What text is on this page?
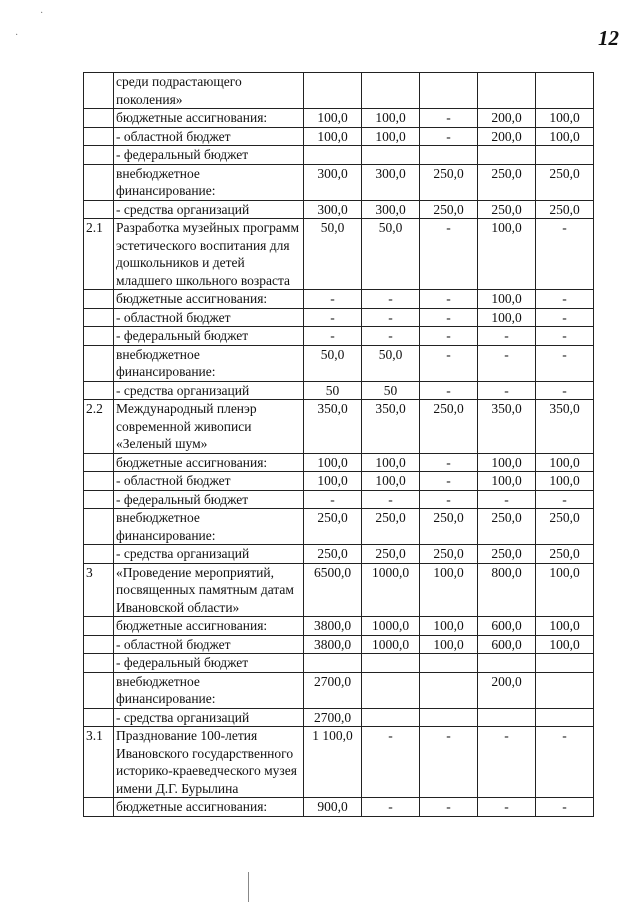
12
·
·
	среди подрастающего поколения»					
	бюджетные ассигнования:	100,0	100,0	-	200,0	100,0
	- областной бюджет	100,0	100,0	-	200,0	100,0
	- федеральный бюджет					
	внебюджетное финансирование:	300,0	300,0	250,0	250,0	250,0
	- средства организаций	300,0	300,0	250,0	250,0	250,0
2.1	Разработка музейных программ эстетического воспитания для дошкольников и детей младшего школьного возраста	50,0	50,0	-	100,0	-
	бюджетные ассигнования:	-	-	-	100,0	-
	- областной бюджет	-	-	-	100,0	-
	- федеральный бюджет	-	-	-	-	-
	внебюджетное финансирование:	50,0	50,0	-	-	-
	- средства организаций	50	50	-	-	-
2.2	Международный пленэр современной живописи «Зеленый шум»	350,0	350,0	250,0	350,0	350,0
	бюджетные ассигнования:	100,0	100,0	-	100,0	100,0
	- областной бюджет	100,0	100,0	-	100,0	100,0
	- федеральный бюджет	-	-	-	-	-
	внебюджетное финансирование:	250,0	250,0	250,0	250,0	250,0
	- средства организаций	250,0	250,0	250,0	250,0	250,0
3	«Проведение мероприятий, посвященных памятным датам Ивановской области»	6500,0	1000,0	100,0	800,0	100,0
	бюджетные ассигнования:	3800,0	1000,0	100,0	600,0	100,0
	- областной бюджет	3800,0	1000,0	100,0	600,0	100,0
	- федеральный бюджет					
	внебюджетное финансирование:	2700,0			200,0	
	- средства организаций	2700,0				
3.1	Празднование 100-летия Ивановского государственного историко-краеведческого музея имени Д.Г. Бурылина	1 100,0	-	-	-	-
	бюджетные ассигнования:	900,0	-	-	-	-
